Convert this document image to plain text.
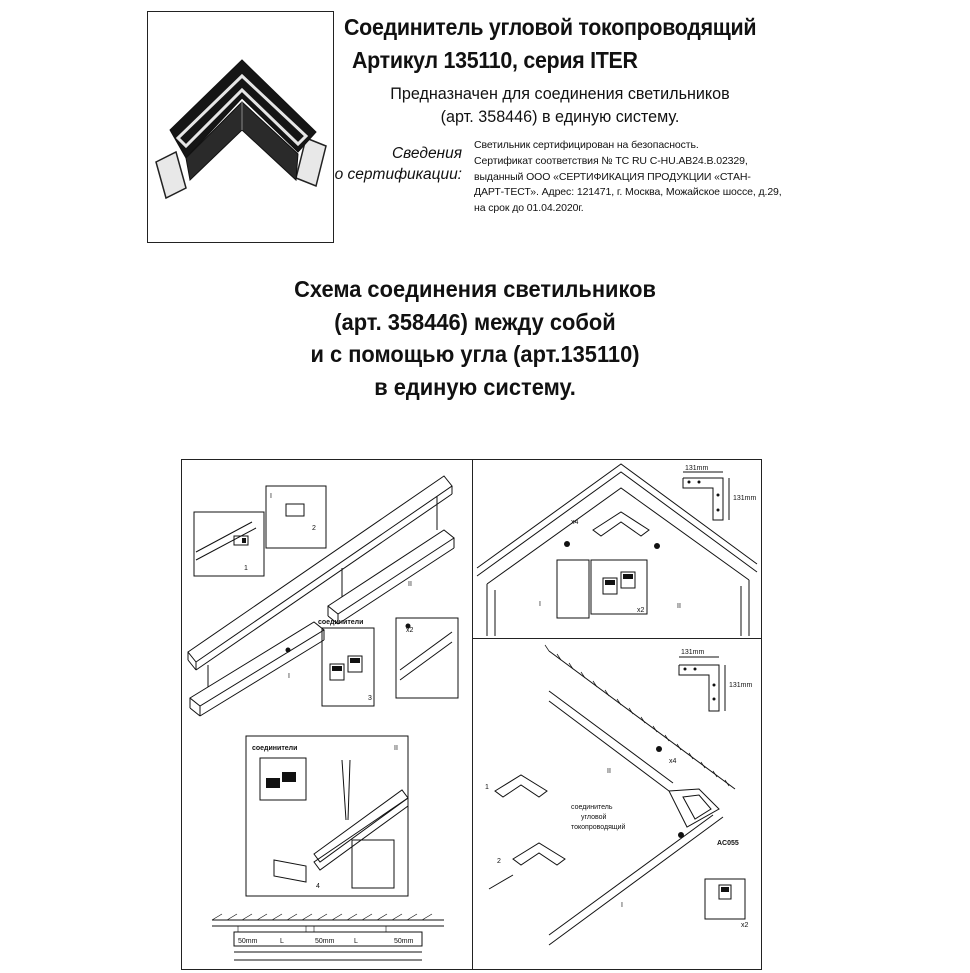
Соединитель угловой токопроводящий
Артикул 135110, серия ITER
Предназначен для соединения светильников
(арт. 358446) в единую систему.
Сведения
о сертификации:
Светильник сертифицирован на безопасность.
Сертификат соответствия № ТС RU C-HU.АВ24.В.02329,
выданный ООО «СЕРТИФИКАЦИЯ ПРОДУКЦИИ «СТАН-
ДАРТ-ТЕСТ». Адрес: 121471, г. Москва, Можайское шоссе, д.29,
на срок до 01.04.2020г.
Схема соединения светильников
(арт. 358446) между собой
и с помощью угла (арт.135110)
в единую систему.
соединители
соединители
I
I
II
II
x2
1
2
3
4
50mm	L	50mm	L	50mm
131mm
131mm
I	II
x4
x2
131mm
131mm
II
I
x4
x2
AC055
1
2
соединитель
угловой
токопроводящий
